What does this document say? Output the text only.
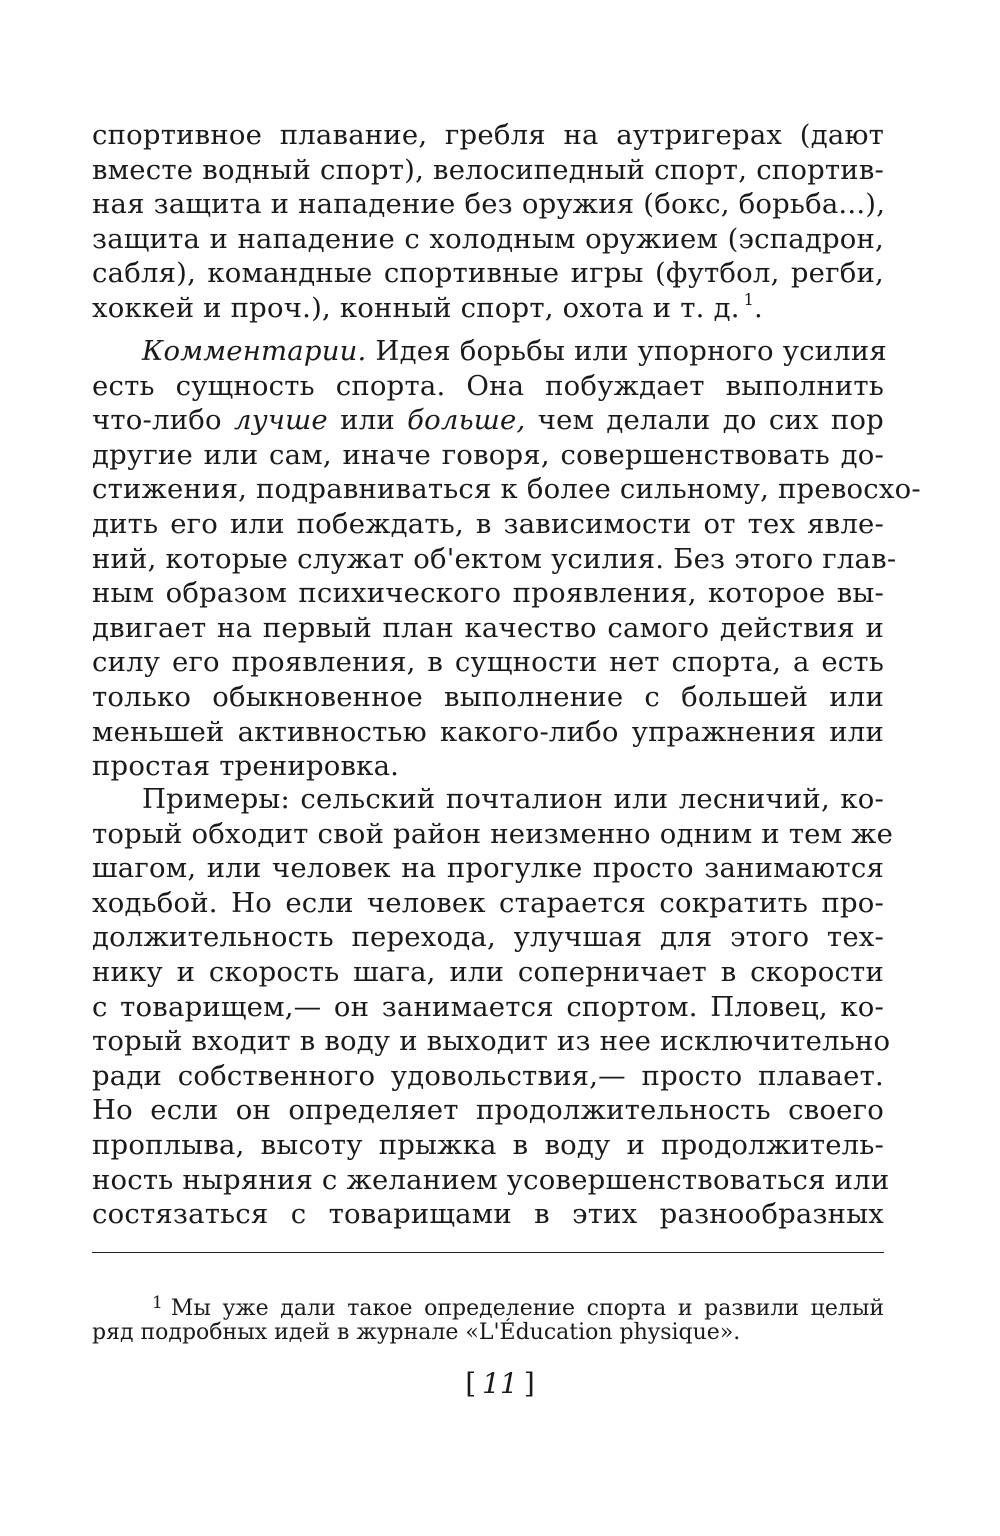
спортивное плавание, гребля на аутригерах (дают
вместе водный спорт), велосипедный спорт, спортив-
ная защита и нападение без оружия (бокс, борьба...),
защита и нападение с холодным оружием (эспадрон,
сабля), командные спортивные игры (футбол, регби,
хоккей и проч.), конный спорт, охота и т. д. $^1$.
Комментарии. Идея борьбы или упорного усилия
есть сущность спорта. Она побуждает выполнить
что-либо лучше или больше, чем делали до сих пор
другие или сам, иначе говоря, совершенствовать до-
стижения, подравниваться к более сильному, превосхо-
дить его или побеждать, в зависимости от тех явле-
ний, которые служат об'ектом усилия. Без этого глав-
ным образом психического проявления, которое вы-
двигает на первый план качество самого действия и
силу его проявления, в сущности нет спорта, а есть
только обыкновенное выполнение с большей или
меньшей активностью какого-либо упражнения или
простая тренировка.
Примеры: сельский почталион или лесничий, ко-
торый обходит свой район неизменно одним и тем же
шагом, или человек на прогулке просто занимаются
ходьбой. Но если человек старается сократить про-
должительность перехода, улучшая для этого тех-
нику и скорость шага, или соперничает в скорости
с товарищем,— он занимается спортом. Пловец, ко-
торый входит в воду и выходит из нее исключительно
ради собственного удовольствия,— просто плавает.
Но если он определяет продолжительность своего
проплыва, высоту прыжка в воду и продолжитель-
ность ныряния с желанием усовершенствоваться или
состязаться с товарищами в этих разнообразных
$^1$ Мы уже дали такое определение спорта и развили целый
ряд подробных идей в журнале «L'Éducation physique».
[ 11 ]
